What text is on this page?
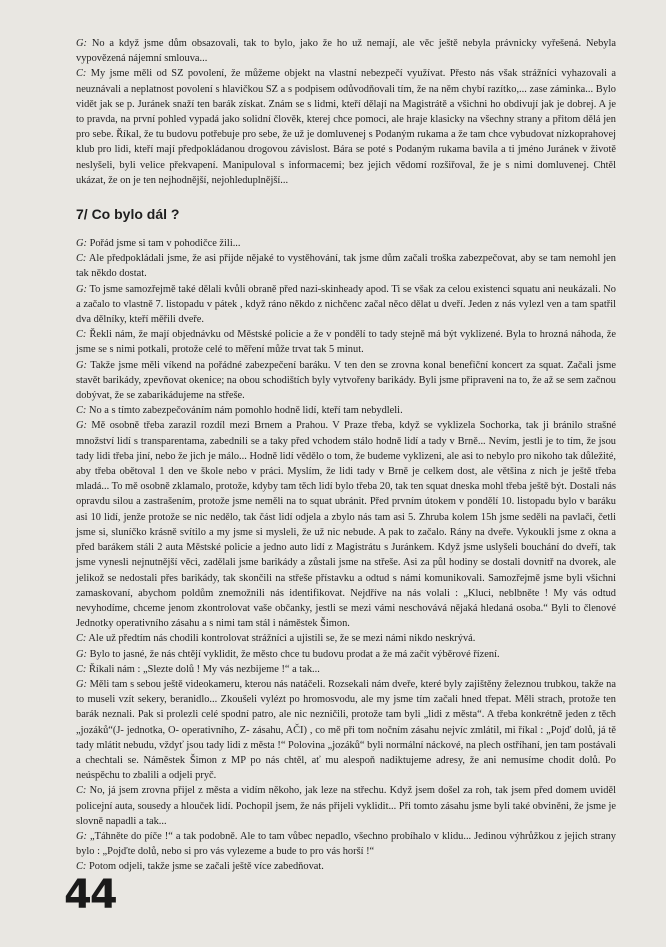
G: No a když jsme dům obsazovali, tak to bylo, jako že ho už nemají, ale věc ještě nebyla právnicky vyřešená. Nebyla vypovězená nájemní smlouva...

C: My jsme měli od SZ povolení, že můžeme objekt na vlastní nebezpečí využívat. Přesto nás však strážníci vyhazovali a neuznávali a neplatnost povolení s hlavičkou SZ a s podpisem odůvodňovali tím, že na něm chybí razítko,... zase záminka... Bylo vidět jak se p. Juránek snaží ten barák získat. Znám se s lidmi, kteří dělají na Magistrátě a všichni ho obdivují jak je dobrej. A je to pravda, na první pohled vypadá jako solidní člověk, kterej chce pomoci, ale hraje klasicky na všechny strany a přitom dělá jen pro sebe. Říkal, že tu budovu potřebuje pro sebe, že už je domluvenej s Podaným rukama a že tam chce vybudovat nízkoprahovej klub pro lidi, kteří mají předpokládanou drogovou závislost. Bára se poté s Podaným rukama bavila a ti jméno Juránek v životě neslyšeli, byli velice překvapení. Manipuloval s informacemi; bez jejich vědomí rozšiřoval, že je s nimi domluvenej. Chtěl ukázat, že on je ten nejhodnější, nejohleduplnější...

7/ Co bylo dál ?

G: Pořád jsme si tam v pohodičce žili...

C: Ale předpokládali jsme, že asi přijde nějaké to vystěhování, tak jsme dům začali troška zabezpečovat, aby se tam nemohl jen tak někdo dostat.

G: To jsme samozřejmě také dělali kvůli obraně před nazi-skinheady apod. Ti se však za celou existenci squatu ani neukázali. No a začalo to vlastně 7. listopadu v pátek , když ráno někdo z nichčenc začal něco dělat u dveří. Jeden z nás vylezl ven a tam spatřil dva dělníky, kteří měřili dveře.

C: Řekli nám, že mají objednávku od Městské policie a že v pondělí to tady stejně má být vyklizené. Byla to hrozná náhoda, že jsme se s nimi potkali, protože celé to měření může trvat tak 5 minut.

G: Takže jsme měli víkend na pořádné zabezpečení baráku. V ten den se zrovna konal benefiční koncert za squat. Začali jsme stavět barikády, zpevňovat okenice; na obou schodištích byly vytvořeny barikády. Byli jsme připraveni na to, že až se sem začnou dobývat, že se zabarikádujeme na střeše.

C: No a s tímto zabezpečováním nám pomohlo hodně lidí, kteří tam nebydleli.

G: Mě osobně třeba zarazil rozdíl mezi Brnem a Prahou. V Praze třeba, když se vyklizela Sochorka, tak ji bránilo strašné množství lidí s transparentama, zabednili se a taky před vchodem stálo hodně lidí a tady v Brně... Nevím, jestli je to tím, že jsou tady lidi třeba jiní, nebo že jich je málo... Hodně lidí vědělo o tom, že budeme vyklizeni, ale asi to nebylo pro nikoho tak důležité, aby třeba obětoval 1 den ve škole nebo v práci. Myslím, že lidi tady v Brně je celkem dost, ale většina z nich je ještě třeba mladá... To mě osobně zklamalo, protože, kdyby tam těch lidí bylo třeba 20, tak ten squat dneska mohl třeba ještě být. Dostali nás opravdu silou a zastrašením, protože jsme neměli na to squat ubránit. Před prvním útokem v pondělí 10. listopadu bylo v baráku asi 10 lidí, jenže protože se nic nedělo, tak část lidí odjela a zbylo nás tam asi 5. Zhruba kolem 15h jsme seděli na pavlači, četli jsme si, sluníčko krásně svítilo a my jsme si mysleli, že už nic nebude. A pak to začalo. Rány na dveře. Vykoukli jsme z okna a před barákem stáli 2 auta Městské policie a jedno auto lidí z Magistrátu s Juránkem. Když jsme uslyšeli bouchání do dveří, tak jsme vynesli nejnutnější věci, zadělali jsme barikády a zůstali jsme na střeše. Asi za půl hodiny se dostali dovnitř na dvorek, ale jelikož se nedostali přes barikády, tak skončili na střeše přístavku a odtud s námi komunikovali. Samozřejmě jsme byli všichni zamaskovaní, abychom poldům znemožnili nás identifikovat. Nejdříve na nás volali : „Kluci, neblbněte ! My vás odtud nevyhodíme, chceme jenom zkontrolovat vaše občanky, jestli se mezi vámi neschovává nějaká hledaná osoba.“ Byli to členové Jednotky operativního zásahu a s nimi tam stál i náměstek Šimon.

C: Ale už předtím nás chodili kontrolovat strážníci a ujistili se, že se mezi námi nikdo neskrývá.

G: Bylo to jasné, že nás chtějí vyklidit, že město chce tu budovu prodat a že má začít výběrové řízení.

C: Říkali nám : „Slezte dolů ! My vás nezbijeme !“ a tak...

G: Měli tam s sebou ještě videokameru, kterou nás natáčeli. Rozsekali nám dveře, které byly zajištěny železnou trubkou, takže na to museli vzít sekery, beranidlo... Zkoušeli vylézt po hromosvodu, ale my jsme tím začali hned třepat. Měli strach, protože ten barák neznali. Pak si prolezli celé spodní patro, ale nic nezničili, protože tam byli „lidi z města“. A třeba konkrétně jeden z těch „jozáků“(J- jednotka, O- operativního, Z- zásahu, AČI) , co mě při tom nočním zásahu nejvíc zmlátil, mi říkal : „Pojď dolů, já tě tady mlátit nebudu, vždyť jsou tady lidi z města !“ Polovina „jozáků“ byli normální náckové, na plech ostříhaní, jen tam postávali a chechtali se. Náměstek Šimon z MP po nás chtěl, ať mu alespoň nadiktujeme adresy, že ani nemusíme chodit dolů. Po neúspěchu to zbalili a odjeli pryč.

C: No, já jsem zrovna přijel z města a vidím někoho, jak leze na střechu. Když jsem došel za roh, tak jsem před domem uviděl policejní auta, sousedy a hlouček lidí. Pochopil jsem, že nás přijeli vyklidit... Při tomto zásahu jsme byli také obviněni, že jsme je slovně napadli a tak...

G: „Táhněte do píče !“ a tak podobně. Ale to tam vůbec nepadlo, všechno probíhalo v klidu... Jedinou výhrůžkou z jejich strany bylo : „Pojďte dolů, nebo si pro vás vylezeme a bude to pro vás horší !“

C: Potom odjeli, takže jsme se začali ještě více zabedňovat.

44
